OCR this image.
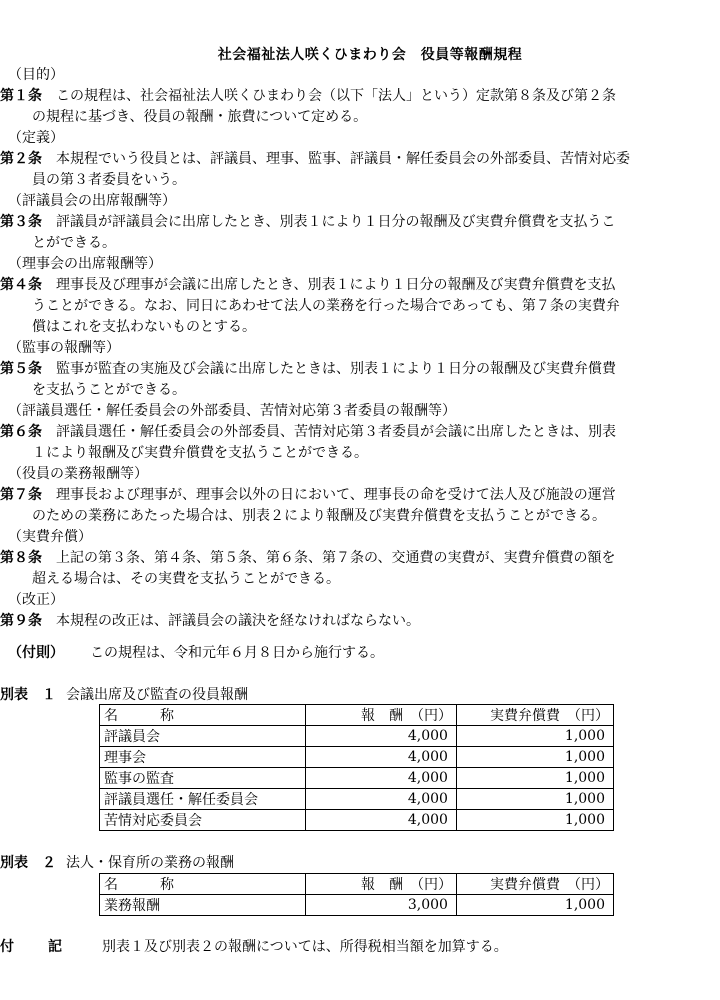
社会福祉法人咲くひまわり会　役員等報酬規程
（目的）
第１条　この規程は、社会福祉法人咲くひまわり会（以下「法人」という）定款第８条及び第２条
の規程に基づき、役員の報酬・旅費について定める。
（定義）
第２条　本規程でいう役員とは、評議員、理事、監事、評議員・解任委員会の外部委員、苦情対応委
員の第３者委員をいう。
（評議員会の出席報酬等）
第３条　評議員が評議員会に出席したとき、別表１により１日分の報酬及び実費弁償費を支払うこ
とができる。
（理事会の出席報酬等）
第４条　理事長及び理事が会議に出席したとき、別表１により１日分の報酬及び実費弁償費を支払
うことができる。なお、同日にあわせて法人の業務を行った場合であっても、第７条の実費弁
償はこれを支払わないものとする。
（監事の報酬等）
第５条　監事が監査の実施及び会議に出席したときは、別表１により１日分の報酬及び実費弁償費
を支払うことができる。
（評議員選任・解任委員会の外部委員、苦情対応第３者委員の報酬等）
第６条　評議員選任・解任委員会の外部委員、苦情対応第３者委員が会議に出席したときは、別表
１により報酬及び実費弁償費を支払うことができる。
（役員の業務報酬等）
第７条　理事長および理事が、理事会以外の日において、理事長の命を受けて法人及び施設の運営
のための業務にあたった場合は、別表２により報酬及び実費弁償費を支払うことができる。
（実費弁償）
第８条　上記の第３条、第４条、第５条、第６条、第７条の、交通費の実費が、実費弁償費の額を
超える場合は、その実費を支払うことができる。
（改正）
第９条　本規程の改正は、評議員会の議決を経なければならない。
（付則） この規程は、令和元年６月８日から施行する。
別表　１ 会議出席及び監査の役員報酬
名　　　称	報　酬　（円）	実費弁償費　（円）
評議員会	4,000	1,000
理事会	4,000	1,000
監事の監査	4,000	1,000
評議員選任・解任委員会	4,000	1,000
苦情対応委員会	4,000	1,000
別表　２ 法人・保育所の業務の報酬
名　　　称	報　酬　（円）	実費弁償費　（円）
業務報酬	3,000	1,000
付　記 別表１及び別表２の報酬については、所得税相当額を加算する。
